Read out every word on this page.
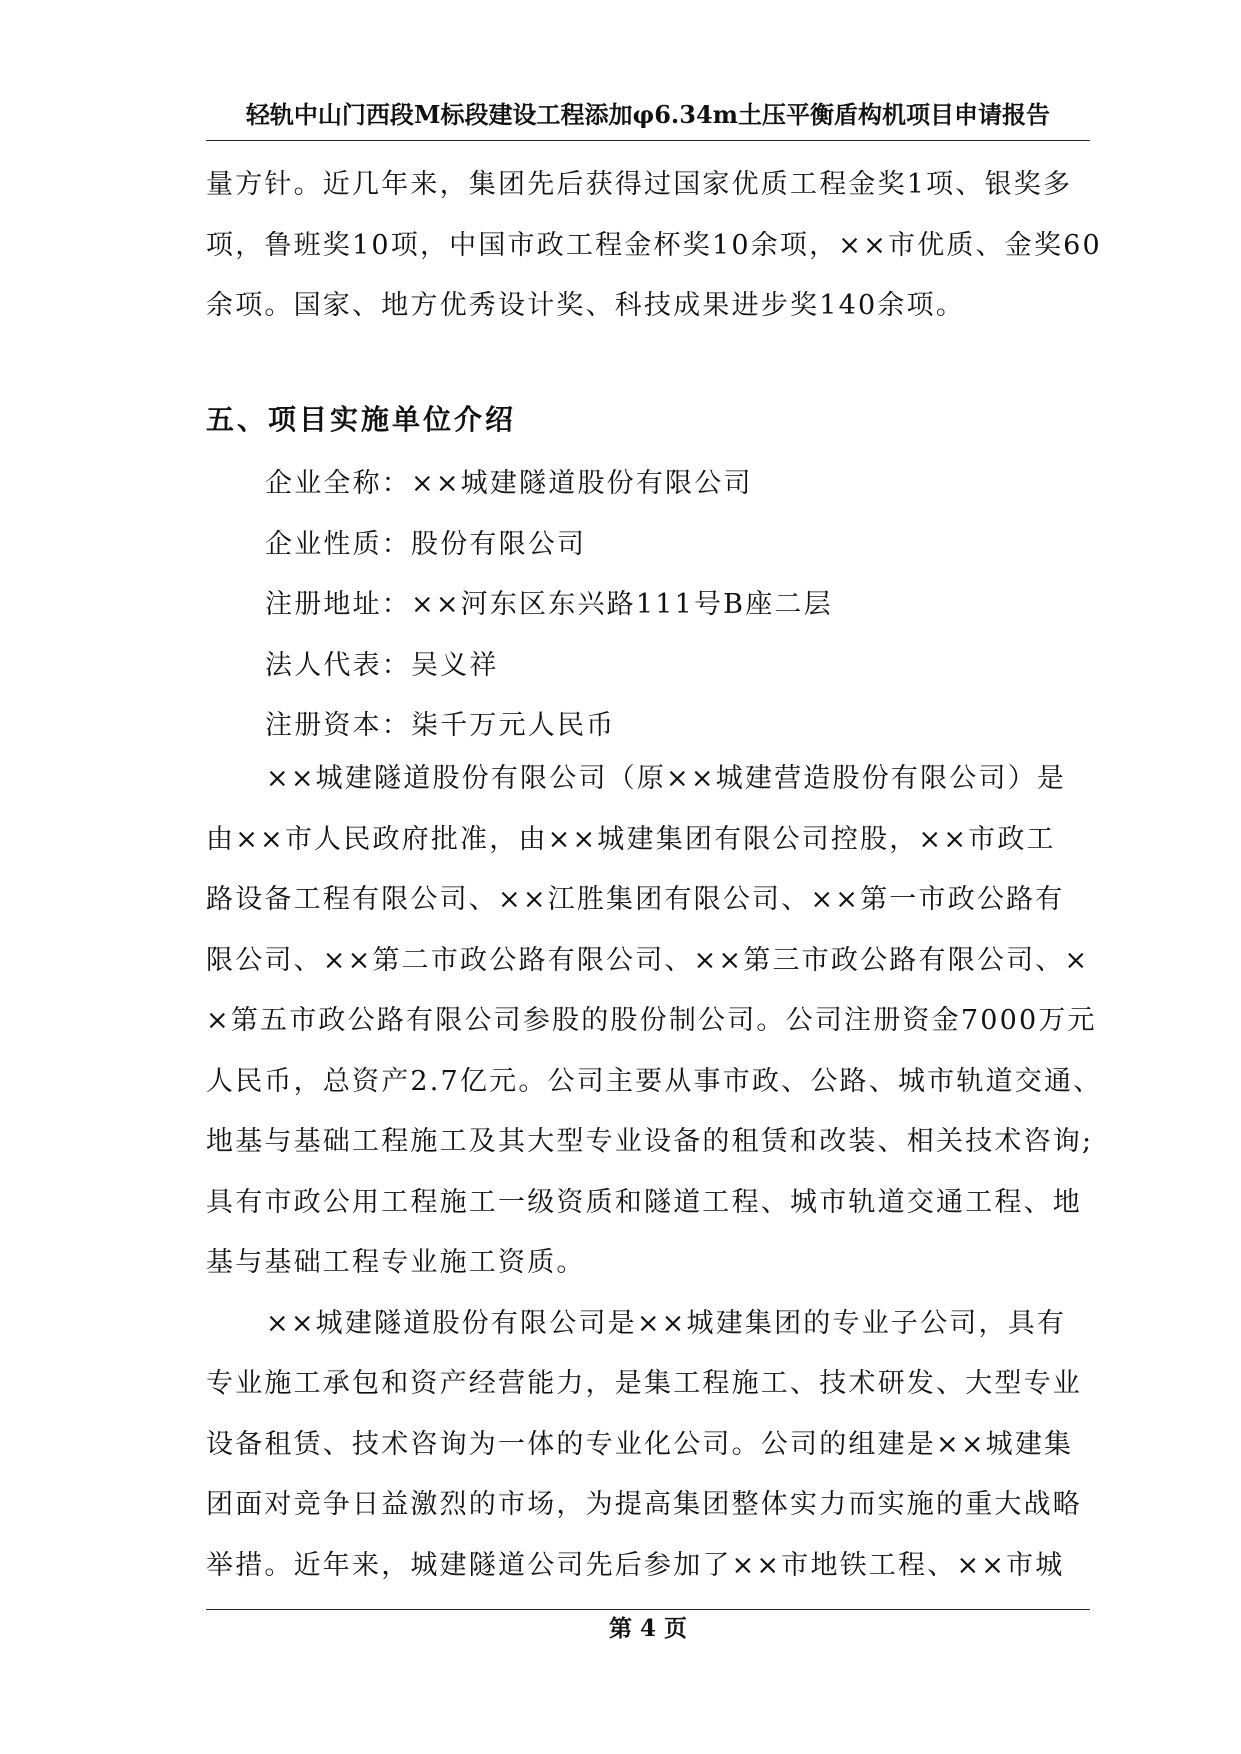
轻轨中山门西段M标段建设工程添加φ6.34m土压平衡盾构机项目申请报告
量方针。近几年来，集团先后获得过国家优质工程金奖1项、银奖多
项，鲁班奖10项，中国市政工程金杯奖10余项，××市优质、金奖60
余项。国家、地方优秀设计奖、科技成果进步奖140余项。
五、项目实施单位介绍
企业全称：××城建隧道股份有限公司
企业性质：股份有限公司
注册地址：××河东区东兴路111号B座二层
法人代表：吴义祥
注册资本：柒千万元人民币
××城建隧道股份有限公司（原××城建营造股份有限公司）是
由××市人民政府批准，由××城建集团有限公司控股，××市政工
路设备工程有限公司、××江胜集团有限公司、××第一市政公路有
限公司、××第二市政公路有限公司、××第三市政公路有限公司、×
×第五市政公路有限公司参股的股份制公司。公司注册资金7000万元
人民币，总资产2.7亿元。公司主要从事市政、公路、城市轨道交通、
地基与基础工程施工及其大型专业设备的租赁和改装、相关技术咨询;
具有市政公用工程施工一级资质和隧道工程、城市轨道交通工程、地
基与基础工程专业施工资质。
××城建隧道股份有限公司是××城建集团的专业子公司，具有
专业施工承包和资产经营能力，是集工程施工、技术研发、大型专业
设备租赁、技术咨询为一体的专业化公司。公司的组建是××城建集
团面对竞争日益激烈的市场，为提高集团整体实力而实施的重大战略
举措。近年来，城建隧道公司先后参加了××市地铁工程、××市城
第 4 页
